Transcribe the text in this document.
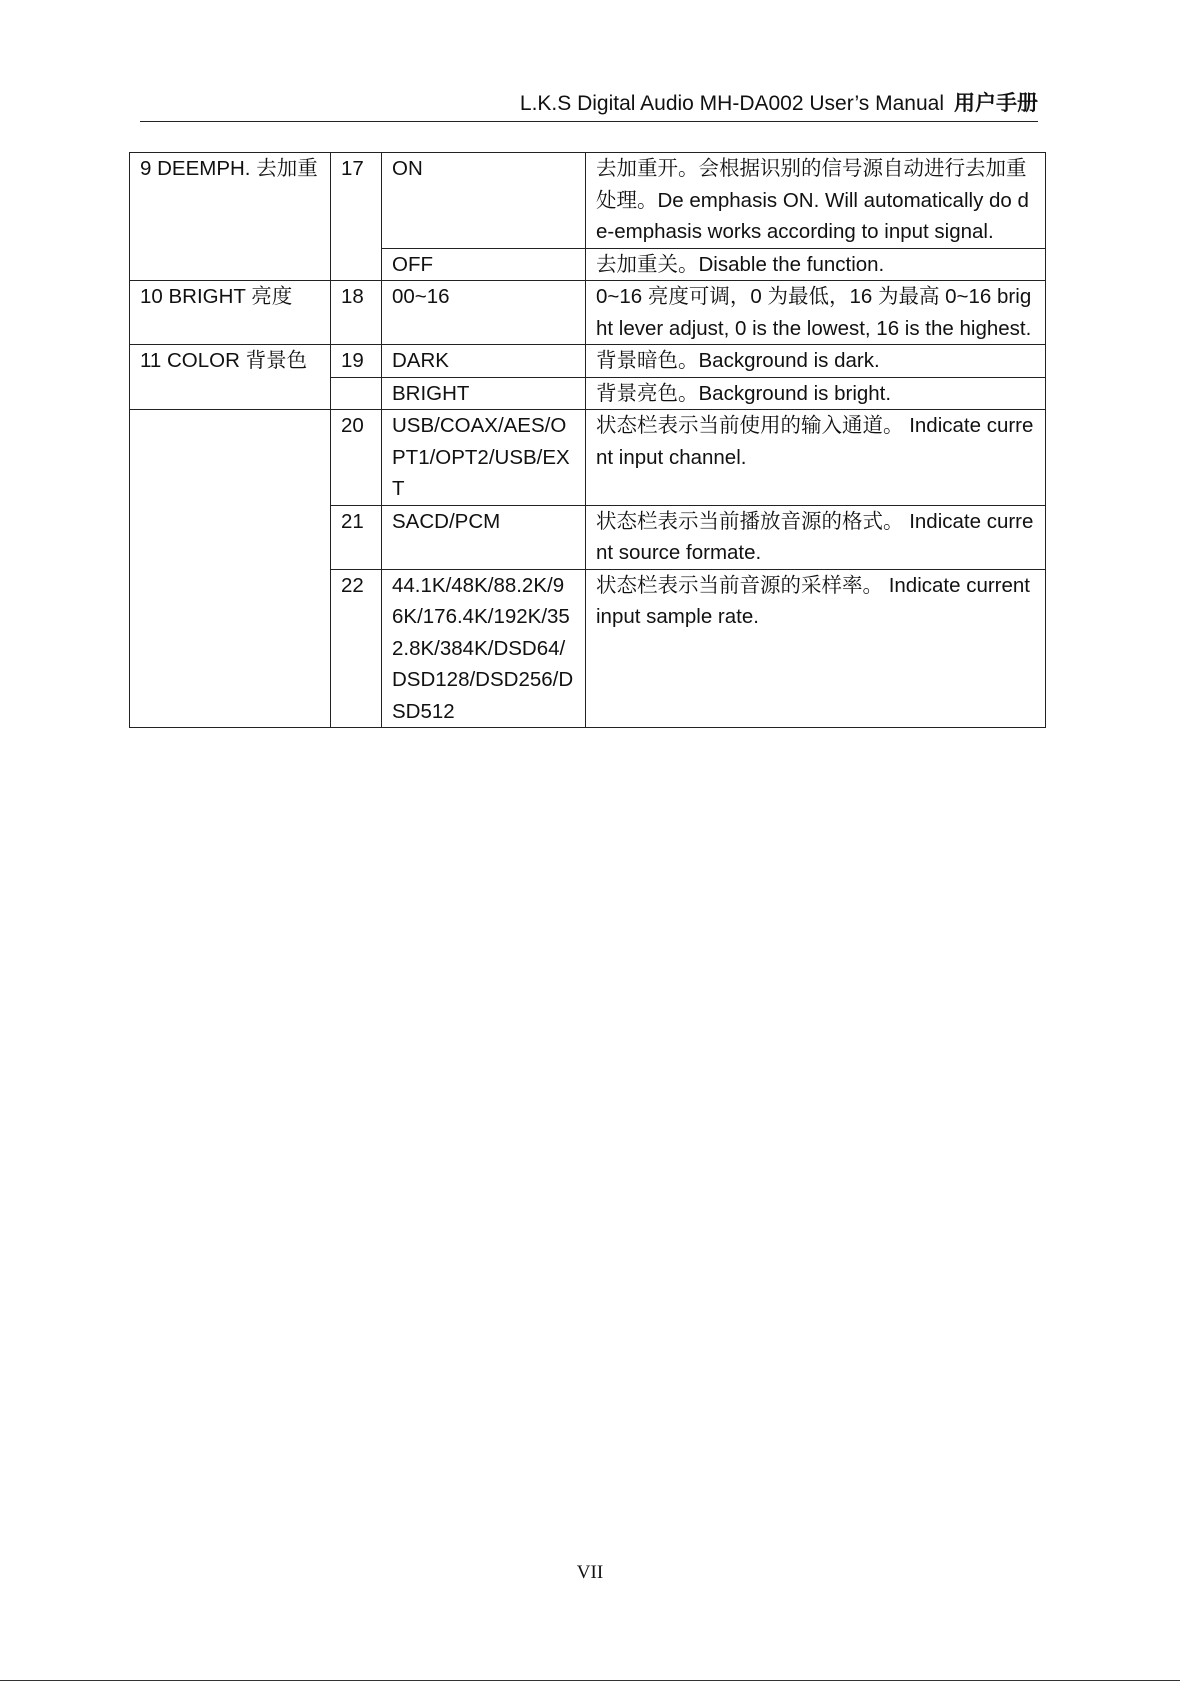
L.K.S Digital Audio MH-DA002 User’s Manual 用户手册
9 DEEMPH. 去加重	17	ON	去加重开。会根据识别的信号源自动进行去加重处理。De emphasis ON. Will automatically do de-emphasis works according to input signal.
		OFF	去加重关。Disable the function.
10 BRIGHT 亮度	18	00~16	0~16 亮度可调，0 为最低，16 为最高 0~16 bright lever adjust, 0 is the lowest, 16 is the highest.
11 COLOR 背景色	19	DARK	背景暗色。Background is dark.
		BRIGHT	背景亮色。Background is bright.
	20	USB/COAX/AES/OPT1/OPT2/USB/EXT	状态栏表示当前使用的输入通道。 Indicate current input channel.
	21	SACD/PCM	状态栏表示当前播放音源的格式。 Indicate current source formate.
	22	44.1K/48K/88.2K/96K/176.4K/192K/352.8K/384K/DSD64/DSD128/DSD256/DSD512	状态栏表示当前音源的采样率。 Indicate current input sample rate.
VII
